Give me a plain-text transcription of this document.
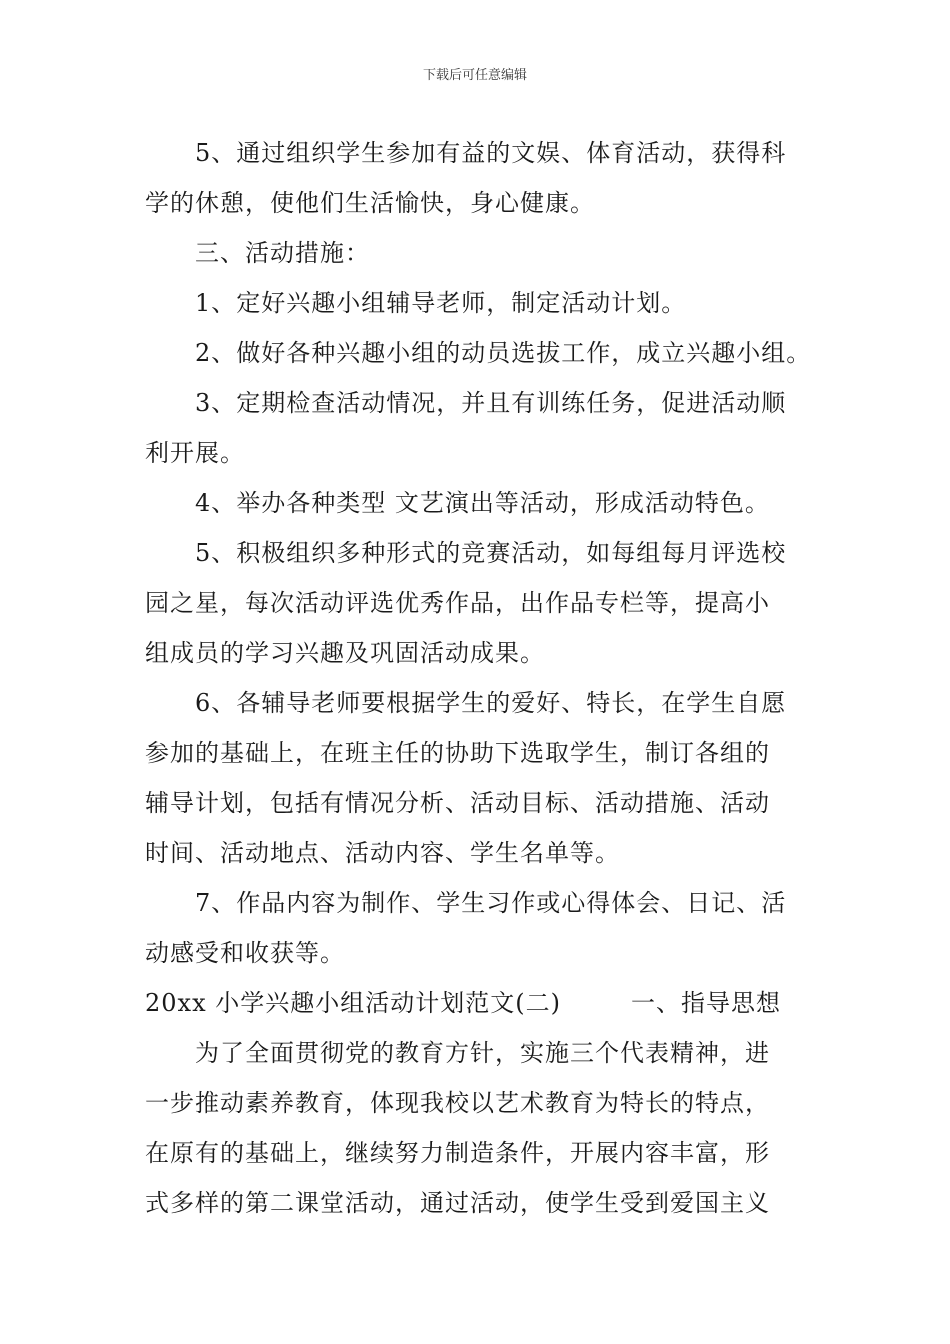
下载后可任意编辑

5、通过组织学生参加有益的文娱、体育活动，获得科

学的休憩，使他们生活愉快，身心健康。

三、活动措施：

1、定好兴趣小组辅导老师，制定活动计划。

2、做好各种兴趣小组的动员选拔工作，成立兴趣小组。

3、定期检查活动情况，并且有训练任务，促进活动顺

利开展。

4、举办各种类型 文艺演出等活动，形成活动特色。

5、积极组织多种形式的竞赛活动，如每组每月评选校

园之星，每次活动评选优秀作品，出作品专栏等，提高小

组成员的学习兴趣及巩固活动成果。

6、各辅导老师要根据学生的爱好、特长，在学生自愿

参加的基础上，在班主任的协助下选取学生，制订各组的

辅导计划，包括有情况分析、活动目标、活动措施、活动

时间、活动地点、活动内容、学生名单等。

7、作品内容为制作、学生习作或心得体会、日记、活

动感受和收获等。

20xx 小学兴趣小组活动计划范文(二)	一、指导思想

为了全面贯彻党的教育方针，实施三个代表精神，进

一步推动素养教育，体现我校以艺术教育为特长的特点，

在原有的基础上，继续努力制造条件，开展内容丰富，形

式多样的第二课堂活动，通过活动，使学生受到爱国主义
